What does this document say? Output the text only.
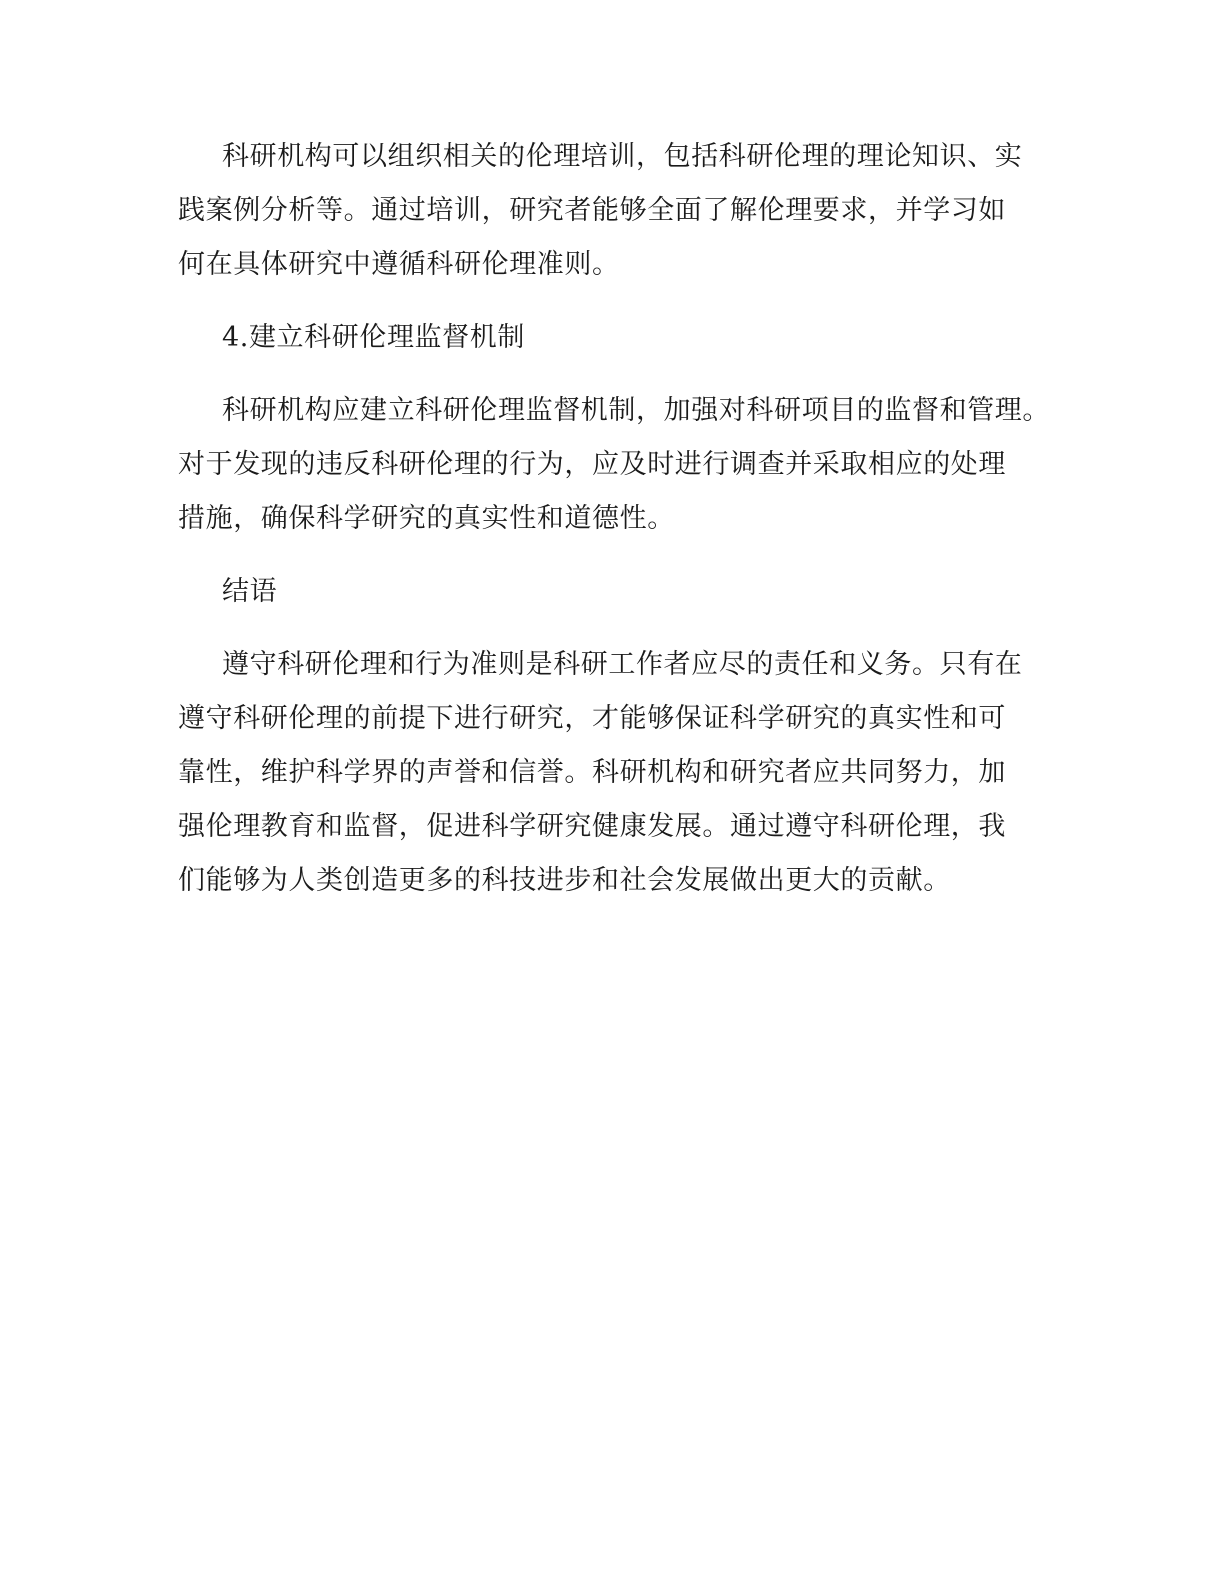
科研机构可以组织相关的伦理培训，包括科研伦理的理论知识、实
践案例分析等。通过培训，研究者能够全面了解伦理要求，并学习如
何在具体研究中遵循科研伦理准则。
4.建立科研伦理监督机制
科研机构应建立科研伦理监督机制，加强对科研项目的监督和管理。
对于发现的违反科研伦理的行为，应及时进行调查并采取相应的处理
措施，确保科学研究的真实性和道德性。
结语
遵守科研伦理和行为准则是科研工作者应尽的责任和义务。只有在
遵守科研伦理的前提下进行研究，才能够保证科学研究的真实性和可
靠性，维护科学界的声誉和信誉。科研机构和研究者应共同努力，加
强伦理教育和监督，促进科学研究健康发展。通过遵守科研伦理，我
们能够为人类创造更多的科技进步和社会发展做出更大的贡献。
